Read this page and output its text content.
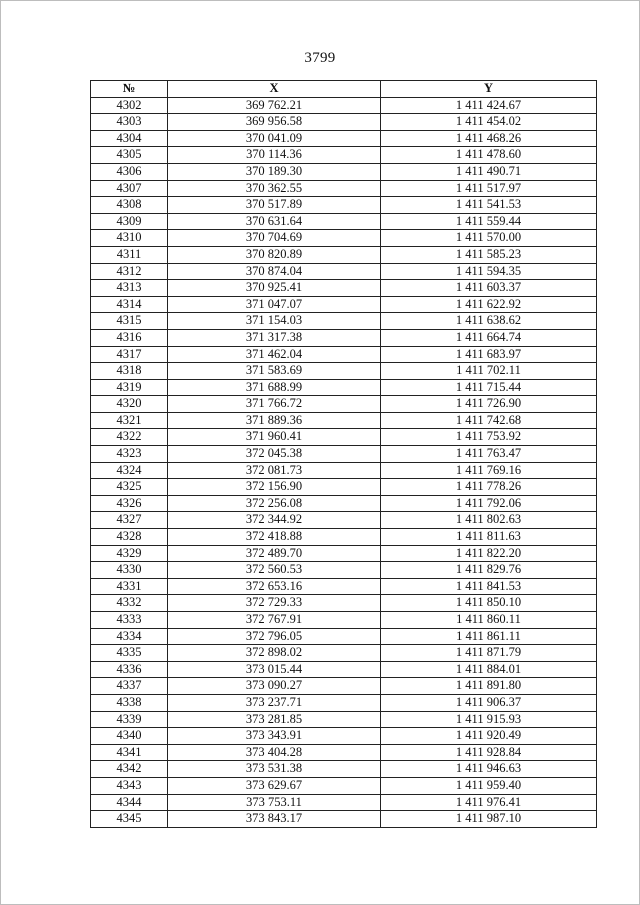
3799
№	X	Y
4302	369 762.21	1 411 424.67
4303	369 956.58	1 411 454.02
4304	370 041.09	1 411 468.26
4305	370 114.36	1 411 478.60
4306	370 189.30	1 411 490.71
4307	370 362.55	1 411 517.97
4308	370 517.89	1 411 541.53
4309	370 631.64	1 411 559.44
4310	370 704.69	1 411 570.00
4311	370 820.89	1 411 585.23
4312	370 874.04	1 411 594.35
4313	370 925.41	1 411 603.37
4314	371 047.07	1 411 622.92
4315	371 154.03	1 411 638.62
4316	371 317.38	1 411 664.74
4317	371 462.04	1 411 683.97
4318	371 583.69	1 411 702.11
4319	371 688.99	1 411 715.44
4320	371 766.72	1 411 726.90
4321	371 889.36	1 411 742.68
4322	371 960.41	1 411 753.92
4323	372 045.38	1 411 763.47
4324	372 081.73	1 411 769.16
4325	372 156.90	1 411 778.26
4326	372 256.08	1 411 792.06
4327	372 344.92	1 411 802.63
4328	372 418.88	1 411 811.63
4329	372 489.70	1 411 822.20
4330	372 560.53	1 411 829.76
4331	372 653.16	1 411 841.53
4332	372 729.33	1 411 850.10
4333	372 767.91	1 411 860.11
4334	372 796.05	1 411 861.11
4335	372 898.02	1 411 871.79
4336	373 015.44	1 411 884.01
4337	373 090.27	1 411 891.80
4338	373 237.71	1 411 906.37
4339	373 281.85	1 411 915.93
4340	373 343.91	1 411 920.49
4341	373 404.28	1 411 928.84
4342	373 531.38	1 411 946.63
4343	373 629.67	1 411 959.40
4344	373 753.11	1 411 976.41
4345	373 843.17	1 411 987.10
